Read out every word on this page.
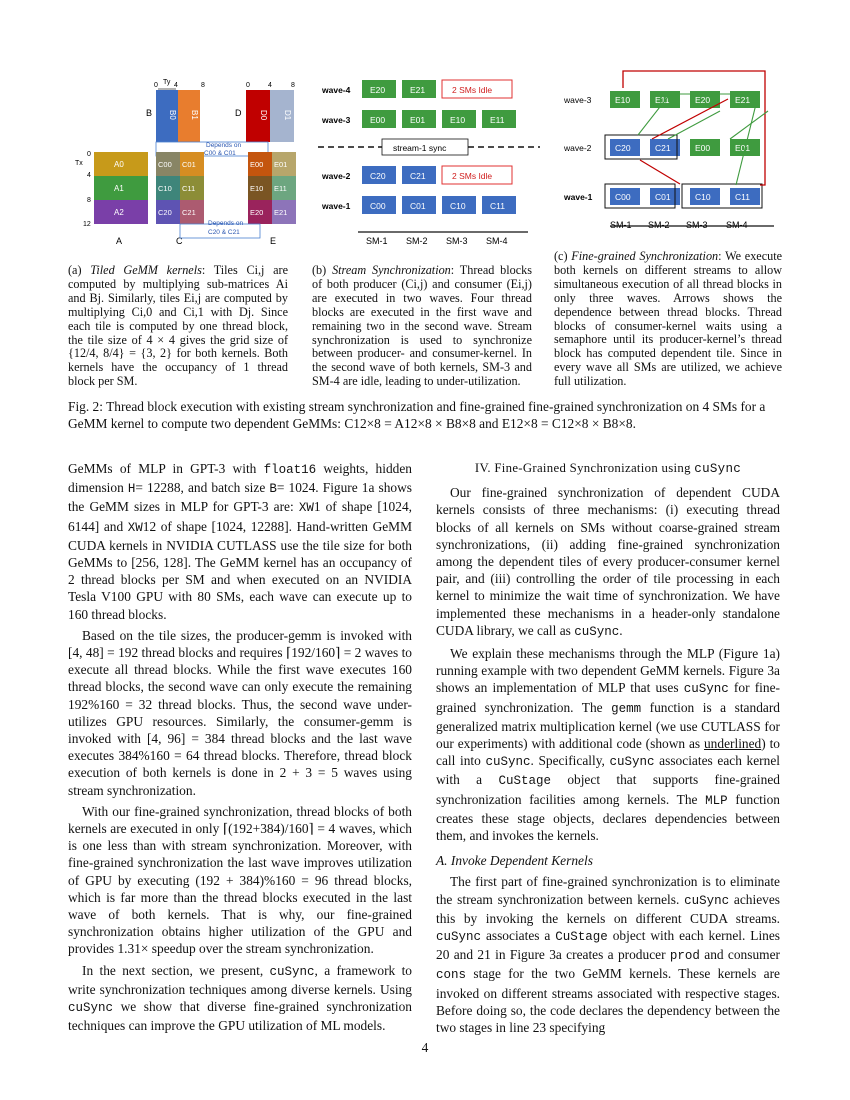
B
0 Ty 4	8
B0 B1	D
0	4	8
D0 D1
Depends on
C00 & C01
0
Tx
4
8
12
A0
A1
A2
A
C00 C01
C10 C11
C20 C21
C
E00 E01
E10 E11
E20 E21
E
Depends on
C20 & C21
wave-4 E20	E21	2 SMs Idle
wave-3 E00	E01	E10	E11
wave-2 C20	C21	2 SMs Idle
wave-1 C00	C01	C10	C11
stream-1 sync
SM-1 SM-2 SM-3 SM-4
wave-3	E10	E11	E20	E21
wave-2	C20	C21	E00	E01
wave-1	C00	C01	C10	C11
SM-1 SM-2 SM-3 SM-4
(a) Tiled GeMM kernels: Tiles Ci,j are computed by multiplying sub-matrices Ai and Bj. Similarly, tiles Ei,j are computed by multiplying Ci,0 and Ci,1 with Dj. Since each tile is computed by one thread block, the tile size of 4 × 4 gives the grid size of {12/4, 8/4} = {3, 2} for both kernels. Both kernels have the occupancy of 1 thread block per SM.
(b) Stream Synchronization: Thread blocks of both producer (Ci,j) and consumer (Ei,j) are executed in two waves. Four thread blocks are executed in the first wave and remaining two in the second wave. Stream synchronization is used to synchronize between producer- and consumer-kernel. In the second wave of both kernels, SM-3 and SM-4 are idle, leading to under-utilization.
(c) Fine-grained Synchronization: We execute both kernels on different streams to allow simultaneous execution of all thread blocks in only three waves. Arrows shows the dependence between thread blocks. Thread blocks of consumer-kernel waits using a semaphore until its producer-kernel’s thread block has computed dependent tile. Since in every wave all SMs are utilized, we achieve full utilization.
Fig. 2: Thread block execution with existing stream synchronization and fine-grained fine-grained synchronization on 4 SMs for a GeMM kernel to compute two dependent GeMMs: C12×8 = A12×8 × B8×8 and E12×8 = C12×8 × B8×8.

GeMMs of MLP in GPT-3 with float16 weights, hidden dimension H= 12288, and batch size B= 1024. Figure 1a shows the GeMM sizes in MLP for GPT-3 are: XW1 of shape [1024, 6144] and XW12 of shape [1024, 12288]. Hand-written GeMM CUDA kernels in NVIDIA CUTLASS use the tile size for both GeMMs to [256, 128]. The GeMM kernel has an occupancy of 2 thread blocks per SM and when executed on an NVIDIA Tesla V100 GPU with 80 SMs, each wave can execute up to 160 thread blocks.

Based on the tile sizes, the producer-gemm is invoked with [4, 48] = 192 thread blocks and requires ⌈192/160⌉ = 2 waves to execute all thread blocks. While the first wave executes 160 thread blocks, the second wave can only execute the remaining 192%160 = 32 thread blocks. Thus, the second wave under-utilizes GPU resources. Similarly, the consumer-gemm is invoked with [4, 96] = 384 thread blocks and the last wave executes 384%160 = 64 thread blocks. Therefore, thread block execution of both kernels is done in 2 + 3 = 5 waves using stream synchronization.

With our fine-grained synchronization, thread blocks of both kernels are executed in only ⌈(192+384)/160⌉ = 4 waves, which is one less than with stream synchronization. Moreover, with fine-grained synchronization the last wave improves utilization of GPU by executing (192 + 384)%160 = 96 thread blocks, which is far more than the thread blocks executed in the last wave of both kernels. That is why, our fine-grained synchronization obtains higher utilization of the GPU and provides 1.31× speedup over the stream synchronization.

In the next section, we present, cuSync, a framework to write synchronization techniques among diverse kernels. Using cuSync we show that diverse fine-grained synchronization techniques can improve the GPU utilization of ML models.

IV. Fine-Grained Synchronization using cuSync

Our fine-grained synchronization of dependent CUDA kernels consists of three mechanisms: (i) executing thread blocks of all kernels on SMs without coarse-grained stream synchronizations, (ii) adding fine-grained synchronization among the dependent tiles of every producer-consumer kernel pair, and (iii) controlling the order of tile processing in each kernel to minimize the wait time of synchronization. We have implemented these mechanisms in a header-only standalone CUDA library, we call as cuSync.

We explain these mechanisms through the MLP (Figure 1a) running example with two dependent GeMM kernels. Figure 3a shows an implementation of MLP that uses cuSync for fine-grained synchronization. The gemm function is a standard generalized matrix multiplication kernel (we use CUTLASS for our experiments) with additional code (shown as underlined) to call into cuSync. Specifically, cuSync associates each kernel with a CuStage object that supports fine-grained synchronization facilities among kernels. The MLP function creates these stage objects, declares dependencies between them, and invokes the kernels.

A. Invoke Dependent Kernels

The first part of fine-grained synchronization is to eliminate the stream synchronization between kernels. cuSync achieves this by invoking the kernels on different CUDA streams. cuSync associates a CuStage object with each kernel. Lines 20 and 21 in Figure 3a creates a producer prod and consumer cons stage for the two GeMM kernels. These kernels are invoked on different streams associated with respective stages. Before doing so, the code declares the dependency between the two stages in line 23 specifying

4
